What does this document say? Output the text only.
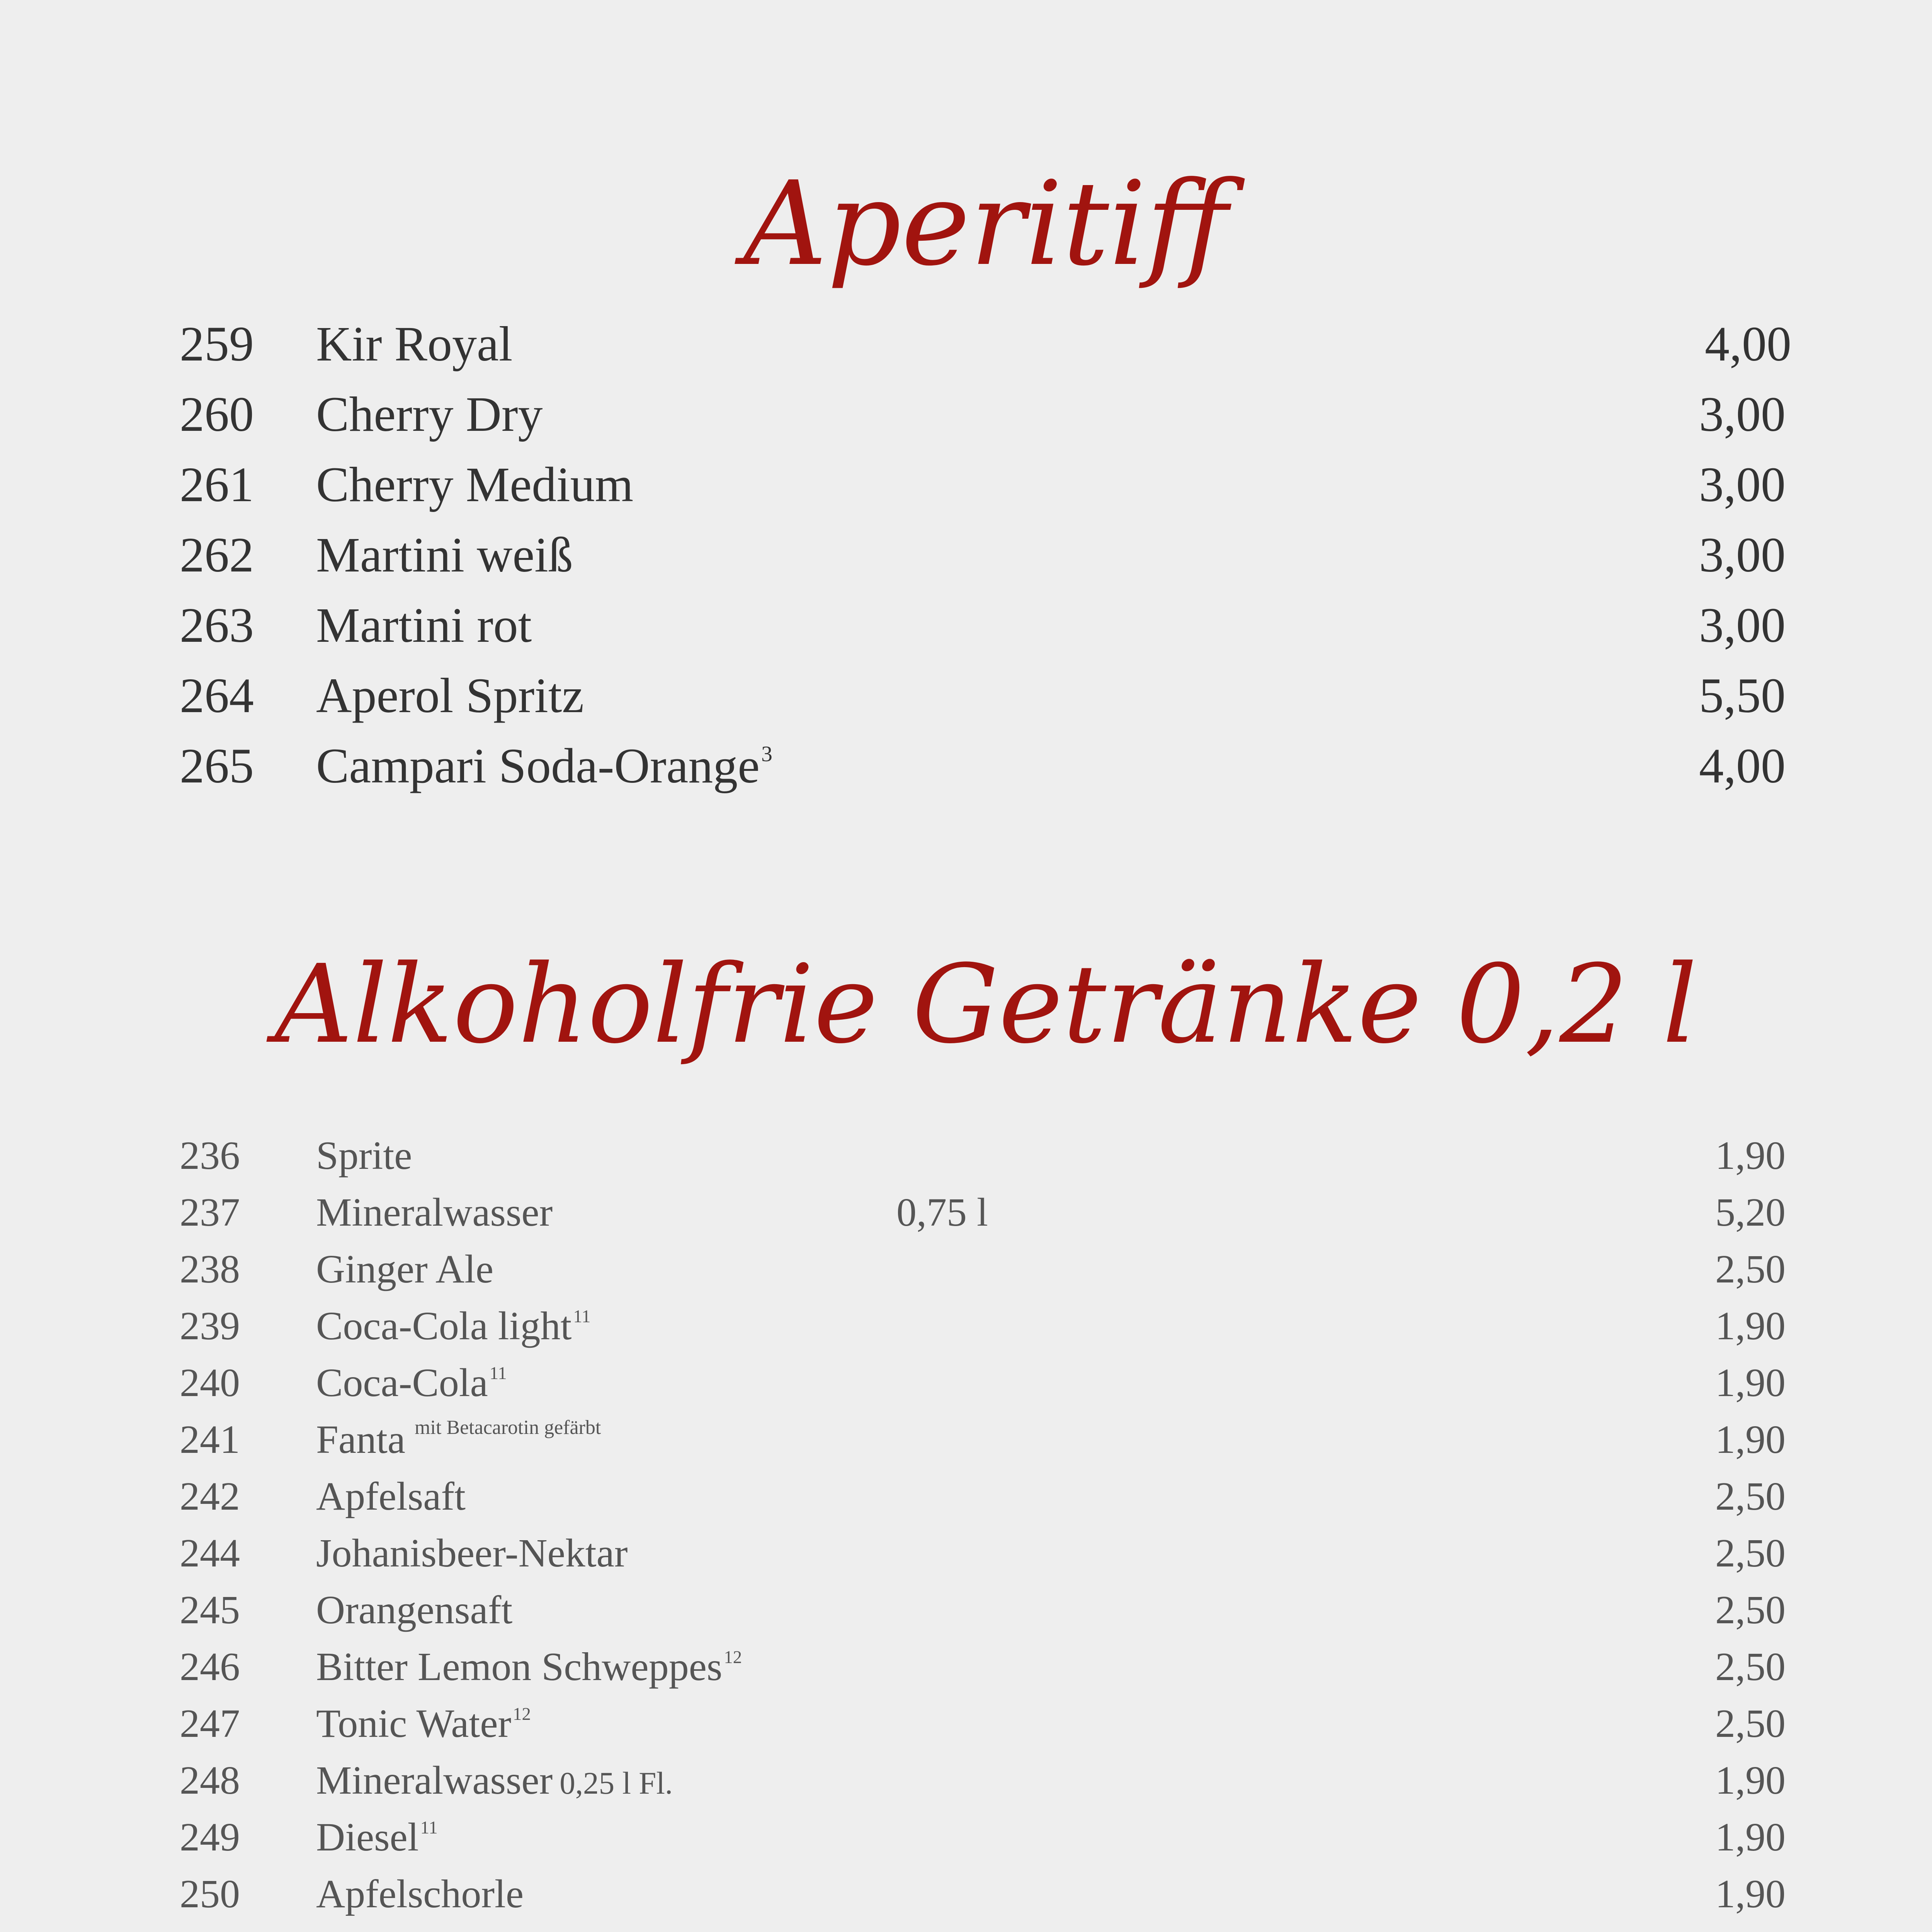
Aperitiff
259 Kir Royal	4,00
260 Cherry Dry	3,00
261 Cherry Medium	3,00
262 Martini weiß	3,00
263 Martini rot	3,00
264 Aperol Spritz	5,50
265 Campari Soda-Orange$^3$	4,00
Alkoholfrie Getränke 0,2 l
236 Sprite	1,90
237 Mineralwasser	0,75 l	5,20
238 Ginger Ale	2,50
239 Coca-Cola light$^{11}$	1,90
240 Coca-Cola$^{11}$	1,90
241 Fanta $^{mit Betacarotin gefärbt}$	1,90
242 Apfelsaft	2,50
244 Johanisbeer-Nektar	2,50
245 Orangensaft	2,50
246 Bitter Lemon Schweppes$^{12}$	2,50
247 Tonic Water$^{12}$	2,50
248 Mineralwasser 0,25 l Fl.	1,90
249 Diesel$^{11}$	1,90
250 Apfelschorle	1,90
